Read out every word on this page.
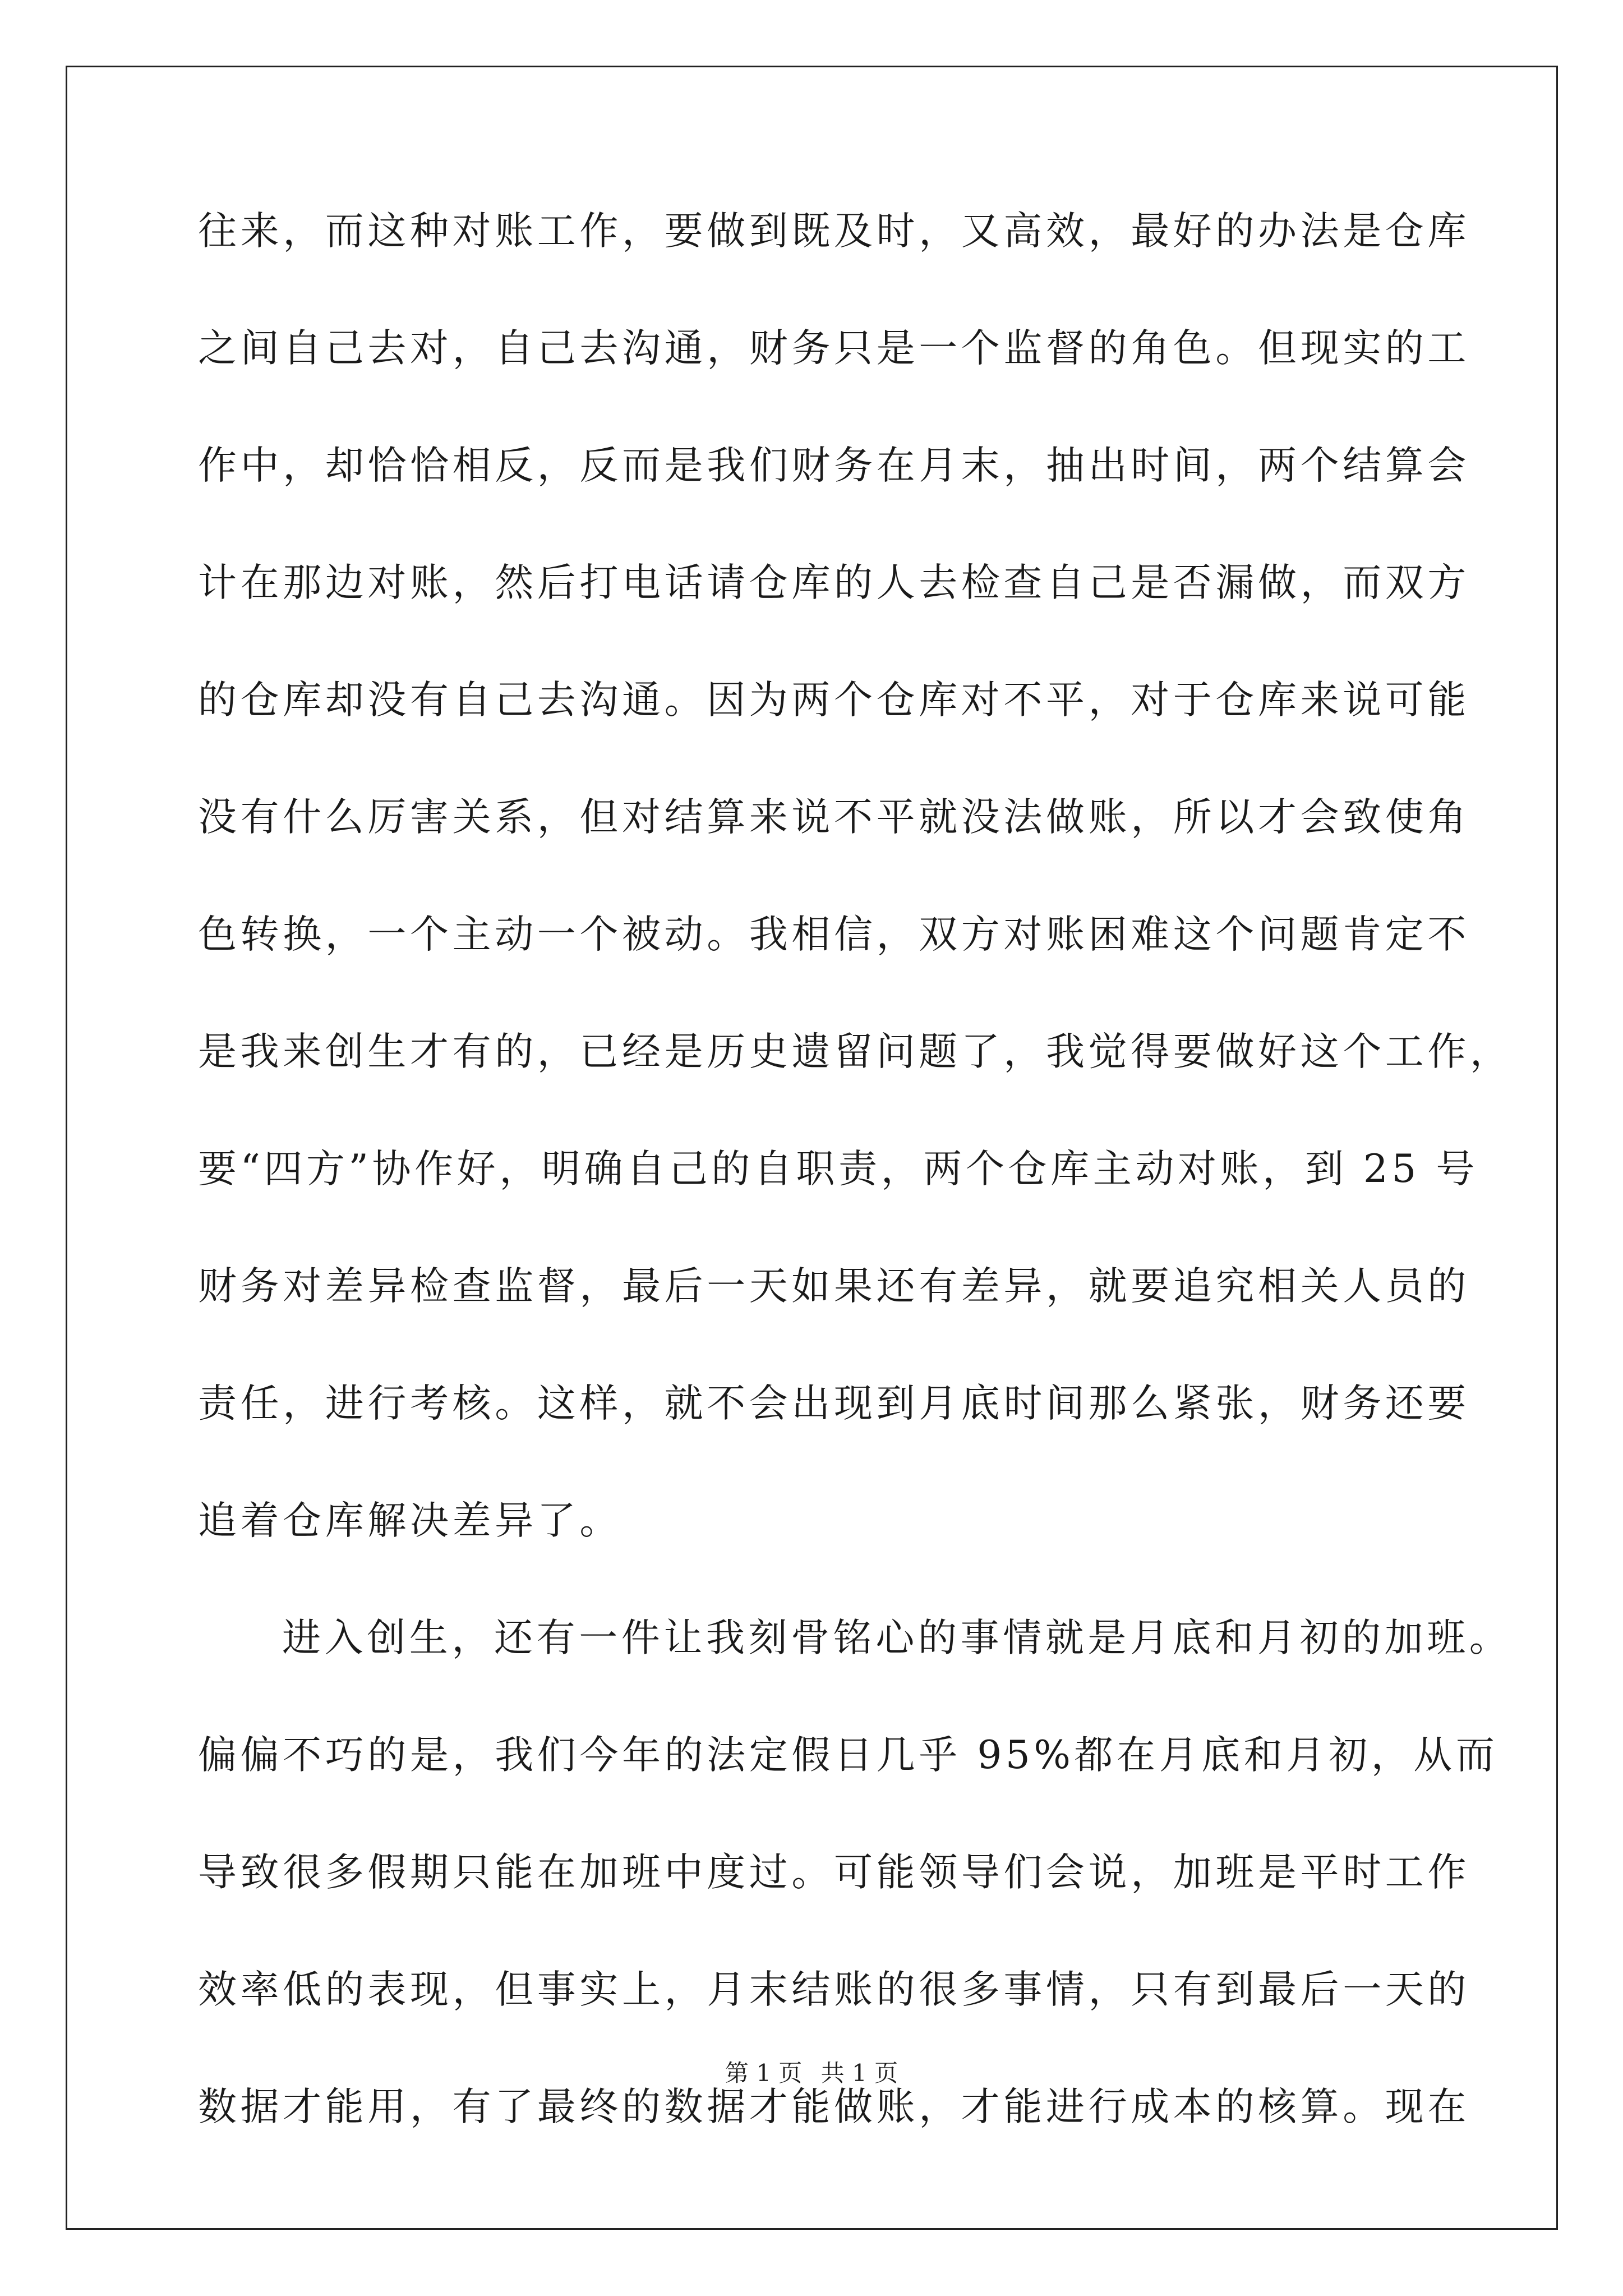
往来，而这种对账工作，要做到既及时，又高效，最好的办法是仓库
之间自己去对，自己去沟通，财务只是一个监督的角色。但现实的工
作中，却恰恰相反，反而是我们财务在月末，抽出时间，两个结算会
计在那边对账，然后打电话请仓库的人去检查自己是否漏做，而双方
的仓库却没有自己去沟通。因为两个仓库对不平，对于仓库来说可能
没有什么厉害关系，但对结算来说不平就没法做账，所以才会致使角
色转换，一个主动一个被动。我相信，双方对账困难这个问题肯定不
是我来创生才有的，已经是历史遗留问题了，我觉得要做好这个工作，
要“四方”协作好，明确自己的自职责，两个仓库主动对账，到 25 号
财务对差异检查监督，最后一天如果还有差异，就要追究相关人员的
责任，进行考核。这样，就不会出现到月底时间那么紧张，财务还要
追着仓库解决差异了。
进入创生，还有一件让我刻骨铭心的事情就是月底和月初的加班。
偏偏不巧的是，我们今年的法定假日几乎 95%都在月底和月初，从而
导致很多假期只能在加班中度过。可能领导们会说，加班是平时工作
效率低的表现，但事实上，月末结账的很多事情，只有到最后一天的
数据才能用，有了最终的数据才能做账，才能进行成本的核算。现在
第 1 页 共 1 页
